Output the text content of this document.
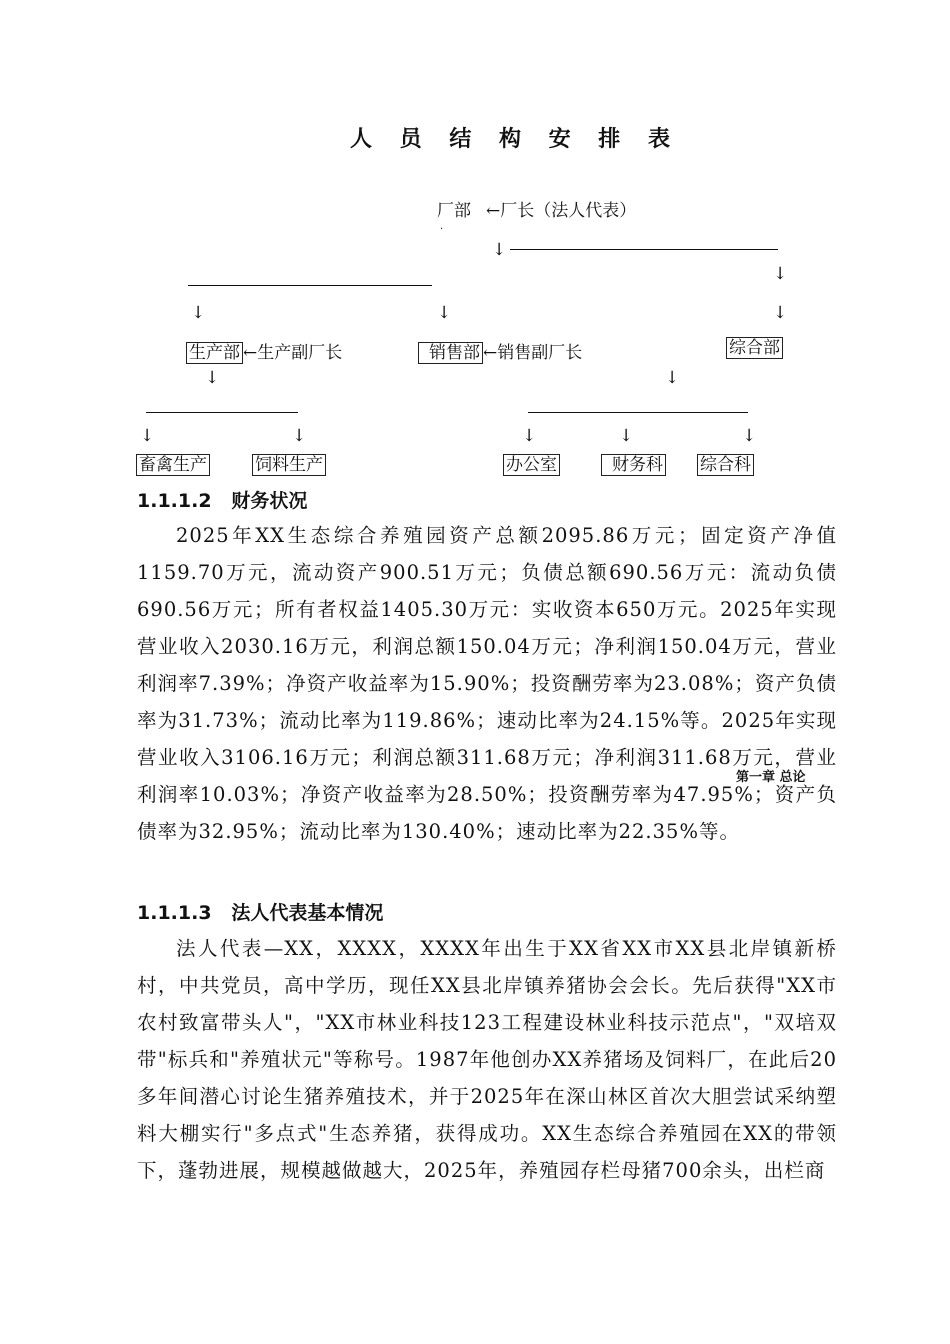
人 员 结 构 安 排 表
厂部 ←厂长（法人代表）
·
↓
↓
↓	↓	↓
生产部 ←生产副厂长	销售部 ←销售副厂长	综合部
↓	↓
↓	↓	↓	↓	↓
畜禽生产	饲料生产	办公室	财务科 综合科
1.1.1.2 财务状况

2025年XX生态综合养殖园资产总额2095.86万元；固定资产净值1159.70万元，流动资产900.51万元；负债总额690.56万元：流动负债690.56万元；所有者权益1405.30万元：实收资本650万元。2025年实现营业收入2030.16万元，利润总额150.04万元；净利润150.04万元，营业利润率7.39%；净资产收益率为15.90%；投资酬劳率为23.08%；资产负债率为31.73%；流动比率为119.86%；速动比率为24.15%等。2025年实现营业收入3106.16万元；利润总额311.68万元；净利润311.68万元，营业利润率10.03%；净资产收益率为28.50%；投资酬劳率为47.95%；资产负债率为32.95%；流动比率为130.40%；速动比率为22.35%等。

第一章 总论
1.1.1.3 法人代表基本情况

法人代表—XX，XXXX，XXXX年出生于XX省XX市XX县北岸镇新桥村，中共党员，高中学历，现任XX县北岸镇养猪协会会长。先后获得"XX市农村致富带头人"，"XX市林业科技123工程建设林业科技示范点"，"双培双带"标兵和"养殖状元"等称号。1987年他创办XX养猪场及饲料厂，在此后20多年间潜心讨论生猪养殖技术，并于2025年在深山林区首次大胆尝试采纳塑料大棚实行"多点式"生态养猪，获得成功。XX生态综合养殖园在XX的带领下，蓬勃进展，规模越做越大，2025年，养殖园存栏母猪700余头，出栏商
